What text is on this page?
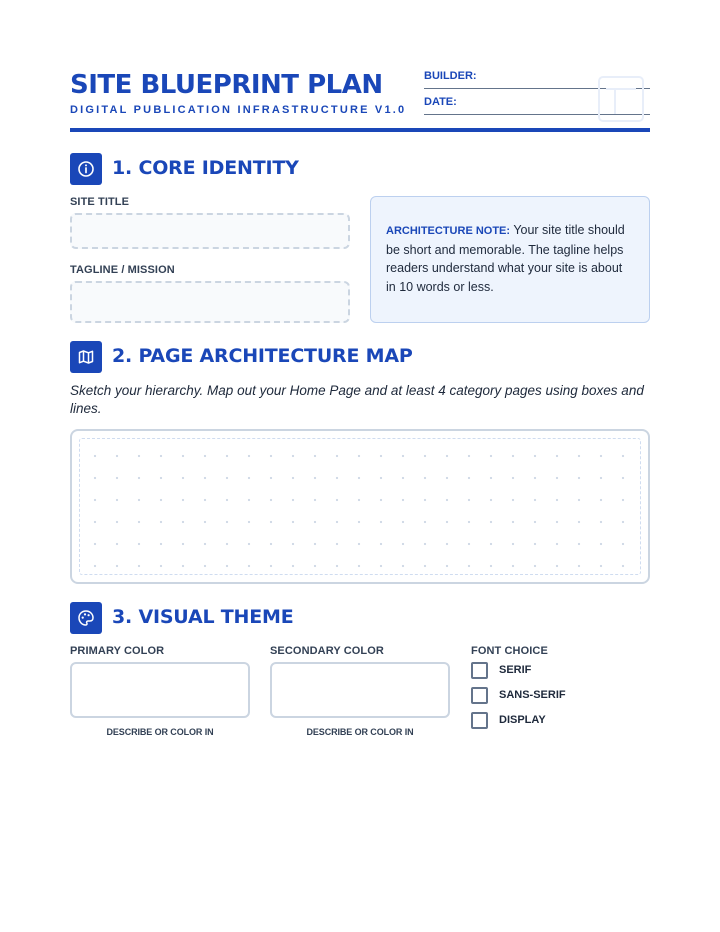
SITE BLUEPRINT PLAN
DIGITAL PUBLICATION INFRASTRUCTURE V1.0
BUILDER:
DATE:
1. CORE IDENTITY
SITE TITLE
TAGLINE / MISSION
ARCHITECTURE NOTE: Your site title should be short and memorable. The tagline helps readers understand what your site is about in 10 words or less.
2. PAGE ARCHITECTURE MAP
Sketch your hierarchy. Map out your Home Page and at least 4 category pages using boxes and lines.
3. VISUAL THEME
PRIMARY COLOR
DESCRIBE OR COLOR IN
SECONDARY COLOR
DESCRIBE OR COLOR IN
FONT CHOICE
SERIF
SANS-SERIF
DISPLAY
